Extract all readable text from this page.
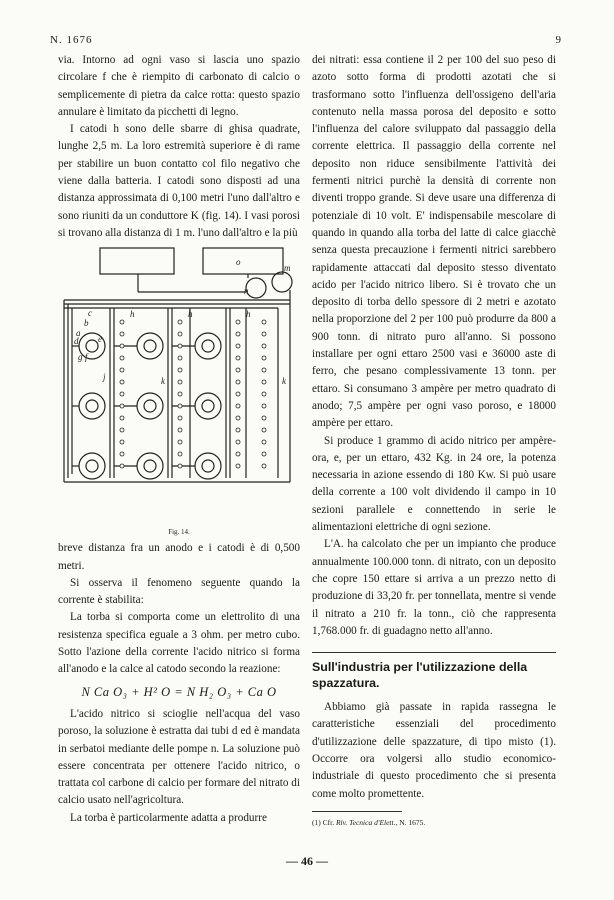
N. 1676	9

via. Intorno ad ogni vaso si lascia uno spazio circolare f che è riempito di carbonato di calcio o semplicemente di pietra da calce rotta: questo spazio annulare è limitato da picchetti di legno.

I catodi h sono delle sbarre di ghisa quadrate, lunghe 2,5 m. La loro estremità superiore è di rame per stabilire un buon contatto col filo negativo che viene dalla batteria. I catodi sono disposti ad una distanza approssimata di 0,100 metri l'uno dall'altro e sono riuniti da un conduttore K (fig. 14). I vasi porosi si trovano alla distanza di 1 m. l'uno dall'altro e la più

o
n
m
a
b
c
d e
g f
j	k	k
h	h	h
Fig. 14.

breve distanza fra un anodo e i catodi è di 0,500 metri.

Si osserva il fenomeno seguente quando la corrente è stabilita:

La torba si comporta come un elettrolito di una resistenza specifica eguale a 3 ohm. per metro cubo. Sotto l'azione della corrente l'acido nitrico si forma all'anodo e la calce al catodo secondo la reazione:

N Ca O₃ + H² O = N H₂ O₃ + Ca O

L'acido nitrico si scioglie nell'acqua del vaso poroso, la soluzione è estratta dai tubi d ed è mandata in serbatoi mediante delle pompe n. La soluzione può essere concentrata per ottenere l'acido nitrico, o trattata col carbone di calcio per formare del nitrato di calcio usato nell'agricoltura.

La torba è particolarmente adatta a produrre

dei nitrati: essa contiene il 2 per 100 del suo peso di azoto sotto forma di prodotti azotati che si trasformano sotto l'influenza dell'ossigeno dell'aria contenuto nella massa porosa del deposito e sotto l'influenza del calore sviluppato dal passaggio della corrente elettrica. Il passaggio della corrente nel deposito non riduce sensibilmente l'attività dei fermenti nitrici purchè la densità di corrente non diventi troppo grande. Si deve usare una differenza di potenziale di 10 volt. E' indispensabile mescolare di quando in quando alla torba del latte di calce giacchè senza questa precauzione i fermenti nitrici sarebbero rapidamente attaccati dal deposito stesso diventato acido per l'acido nitrico libero. Si è trovato che un deposito di torba dello spessore di 2 metri e azotato nella proporzione del 2 per 100 può produrre da 800 a 900 tonn. di nitrato puro all'anno. Si possono installare per ogni ettaro 2500 vasi e 36000 aste di ferro, che pesano complessivamente 13 tonn. per ettaro. Si consumano 3 ampère per metro quadrato di anodo; 7,5 ampère per ogni vaso poroso, e 18000 ampère per ettaro.

Si produce 1 grammo di acido nitrico per ampère-ora, e, per un ettaro, 432 Kg. in 24 ore, la potenza necessaria in azione essendo di 180 Kw. Si può usare della corrente a 100 volt dividendo il campo in 10 sezioni parallele e connettendo in serie le alimentazioni elettriche di ogni sezione.

L'A. ha calcolato che per un impianto che produce annualmente 100.000 tonn. di nitrato, con un deposito che copre 150 ettare si arriva a un prezzo netto di produzione di 33,20 fr. per tonnellata, mentre si vende il nitrato a 210 fr. la tonn., ciò che rappresenta 1,768.000 fr. di guadagno netto all'anno.

Sull'industria per l'utilizzazione della spazzatura.

Abbiamo già passate in rapida rassegna le caratteristiche essenziali del procedimento d'utilizzazione delle spazzature, di tipo misto (1). Occorre ora volgersi allo studio economico-industriale di questo procedimento che si presenta come molto promettente.

(1) Cfr. Riv. Tecnica d'Elett., N. 1675.

— 46 —
